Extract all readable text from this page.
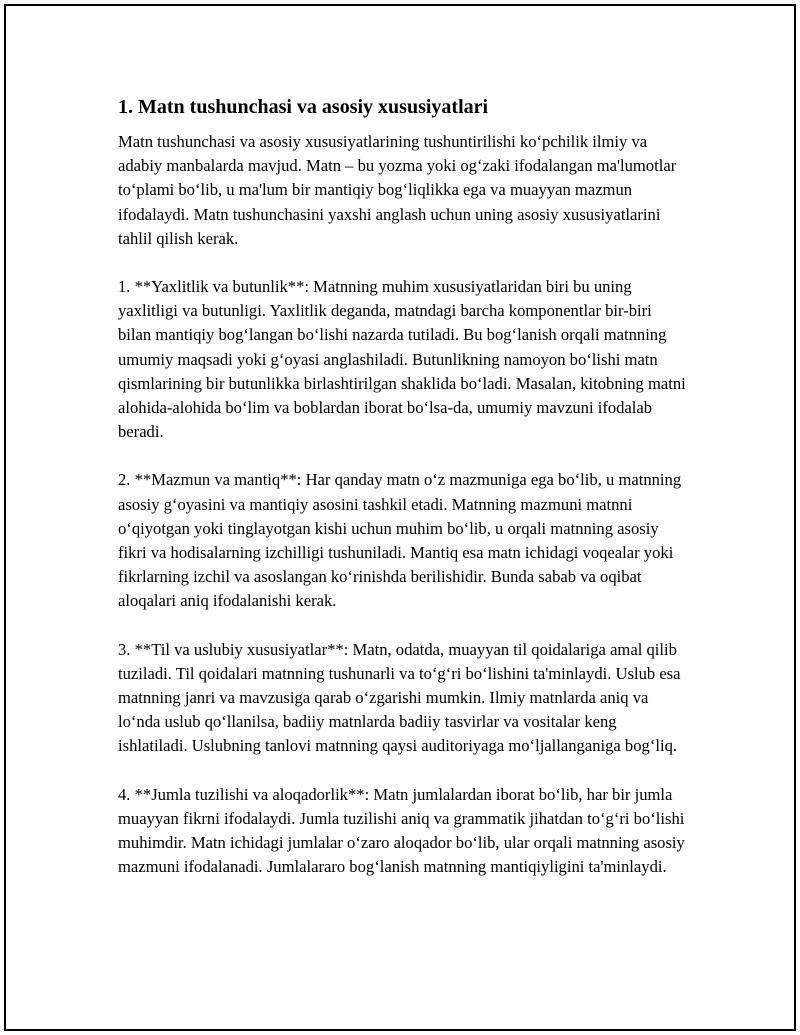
1. Matn tushunchasi va asosiy xususiyatlari

Matn tushunchasi va asosiy xususiyatlarining tushuntirilishi ko‘pchilik ilmiy va adabiy manbalarda mavjud. Matn – bu yozma yoki og‘zaki ifodalangan ma'lumotlar to‘plami bo‘lib, u ma'lum bir mantiqiy bog‘liqlikka ega va muayyan mazmun ifodalaydi. Matn tushunchasini yaxshi anglash uchun uning asosiy xususiyatlarini tahlil qilish kerak.

1. **Yaxlitlik va butunlik**: Matnning muhim xususiyatlaridan biri bu uning yaxlitligi va butunligi. Yaxlitlik deganda, matndagi barcha komponentlar bir-biri bilan mantiqiy bog‘langan bo‘lishi nazarda tutiladi. Bu bog‘lanish orqali matnning umumiy maqsadi yoki g‘oyasi anglashiladi. Butunlikning namoyon bo‘lishi matn qismlarining bir butunlikka birlashtirilgan shaklida bo‘ladi. Masalan, kitobning matni alohida-alohida bo‘lim va boblardan iborat bo‘lsa-da, umumiy mavzuni ifodalab beradi.

2. **Mazmun va mantiq**: Har qanday matn o‘z mazmuniga ega bo‘lib, u matnning asosiy g‘oyasini va mantiqiy asosini tashkil etadi. Matnning mazmuni matnni o‘qiyotgan yoki tinglayotgan kishi uchun muhim bo‘lib, u orqali matnning asosiy fikri va hodisalarning izchilligi tushuniladi. Mantiq esa matn ichidagi voqealar yoki fikrlarning izchil va asoslangan ko‘rinishda berilishidir. Bunda sabab va oqibat aloqalari aniq ifodalanishi kerak.

3. **Til va uslubiy xususiyatlar**: Matn, odatda, muayyan til qoidalariga amal qilib tuziladi. Til qoidalari matnning tushunarli va to‘g‘ri bo‘lishini ta'minlaydi. Uslub esa matnning janri va mavzusiga qarab o‘zgarishi mumkin. Ilmiy matnlarda aniq va lo‘nda uslub qo‘llanilsa, badiiy matnlarda badiiy tasvirlar va vositalar keng ishlatiladi. Uslubning tanlovi matnning qaysi auditoriyaga mo‘ljallanganiga bog‘liq.

4. **Jumla tuzilishi va aloqadorlik**: Matn jumlalardan iborat bo‘lib, har bir jumla muayyan fikrni ifodalaydi. Jumla tuzilishi aniq va grammatik jihatdan to‘g‘ri bo‘lishi muhimdir. Matn ichidagi jumlalar o‘zaro aloqador bo‘lib, ular orqali matnning asosiy mazmuni ifodalanadi. Jumlalararo bog‘lanish matnning mantiqiyligini ta'minlaydi.
